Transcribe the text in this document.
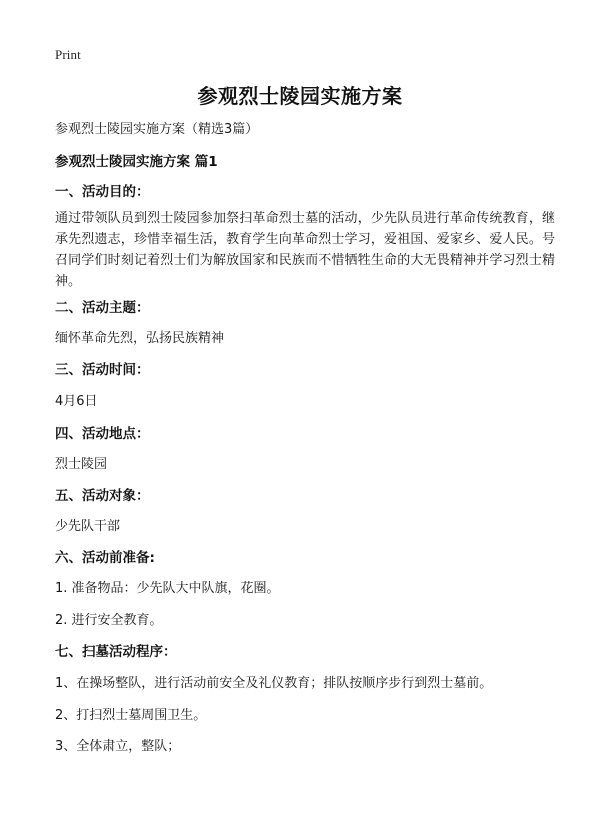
Print
参观烈士陵园实施方案
参观烈士陵园实施方案（精选3篇）
参观烈士陵园实施方案 篇1
一、活动目的：
通过带领队员到烈士陵园参加祭扫革命烈士墓的活动，少先队员进行革命传统教育，继承先烈遗志，珍惜幸福生活，教育学生向革命烈士学习，爱祖国、爱家乡、爱人民。号召同学们时刻记着烈士们为解放国家和民族而不惜牺牲生命的大无畏精神并学习烈士精神。
二、活动主题：
缅怀革命先烈，弘扬民族精神
三、活动时间：
4月6日
四、活动地点：
烈士陵园
五、活动对象：
少先队干部
六、活动前准备:
1. 准备物品：少先队大中队旗，花圈。
2. 进行安全教育。
七、扫墓活动程序：
1、在操场整队，进行活动前安全及礼仪教育；排队按顺序步行到烈士墓前。
2、打扫烈士墓周围卫生。
3、全体肃立，整队；
